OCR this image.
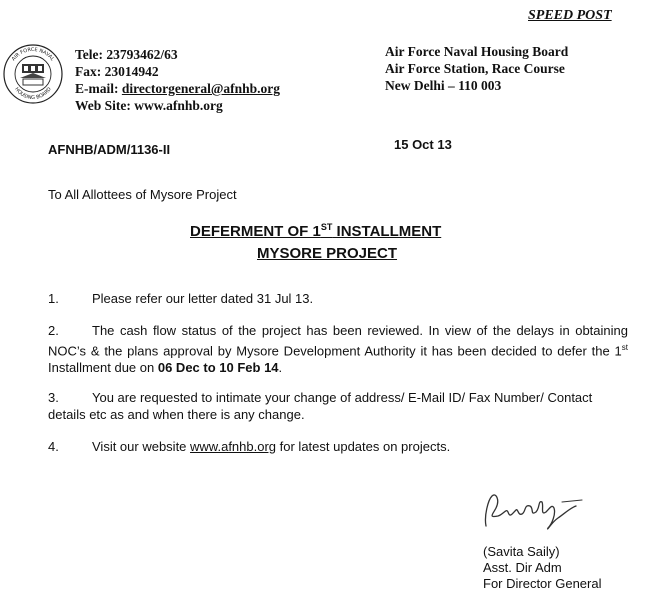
SPEED POST
AIR FORCE NAVAL
HOUSING BOARD
Tele: 23793462/63
Fax: 23014942
E-mail: directorgeneral@afnhb.org
Web Site: www.afnhb.org
Air Force Naval Housing Board
Air Force Station, Race Course
New Delhi – 110 003
AFNHB/ADM/1136-II	15 Oct 13
To All Allottees of Mysore Project
DEFERMENT OF 1ST INSTALLMENT
MYSORE PROJECT
1.	Please refer our letter dated 31 Jul 13.
2.	The cash flow status of the project has been reviewed. In view of the delays in obtaining NOC’s & the plans approval by Mysore Development Authority it has been decided to defer the 1st Installment due on 06 Dec to 10 Feb 14.
3.	You are requested to intimate your change of address/ E-Mail ID/ Fax Number/ Contact details etc as and when there is any change.
4.	Visit our website www.afnhb.org for latest updates on projects.
(Savita Saily)
Asst. Dir Adm
For Director General
